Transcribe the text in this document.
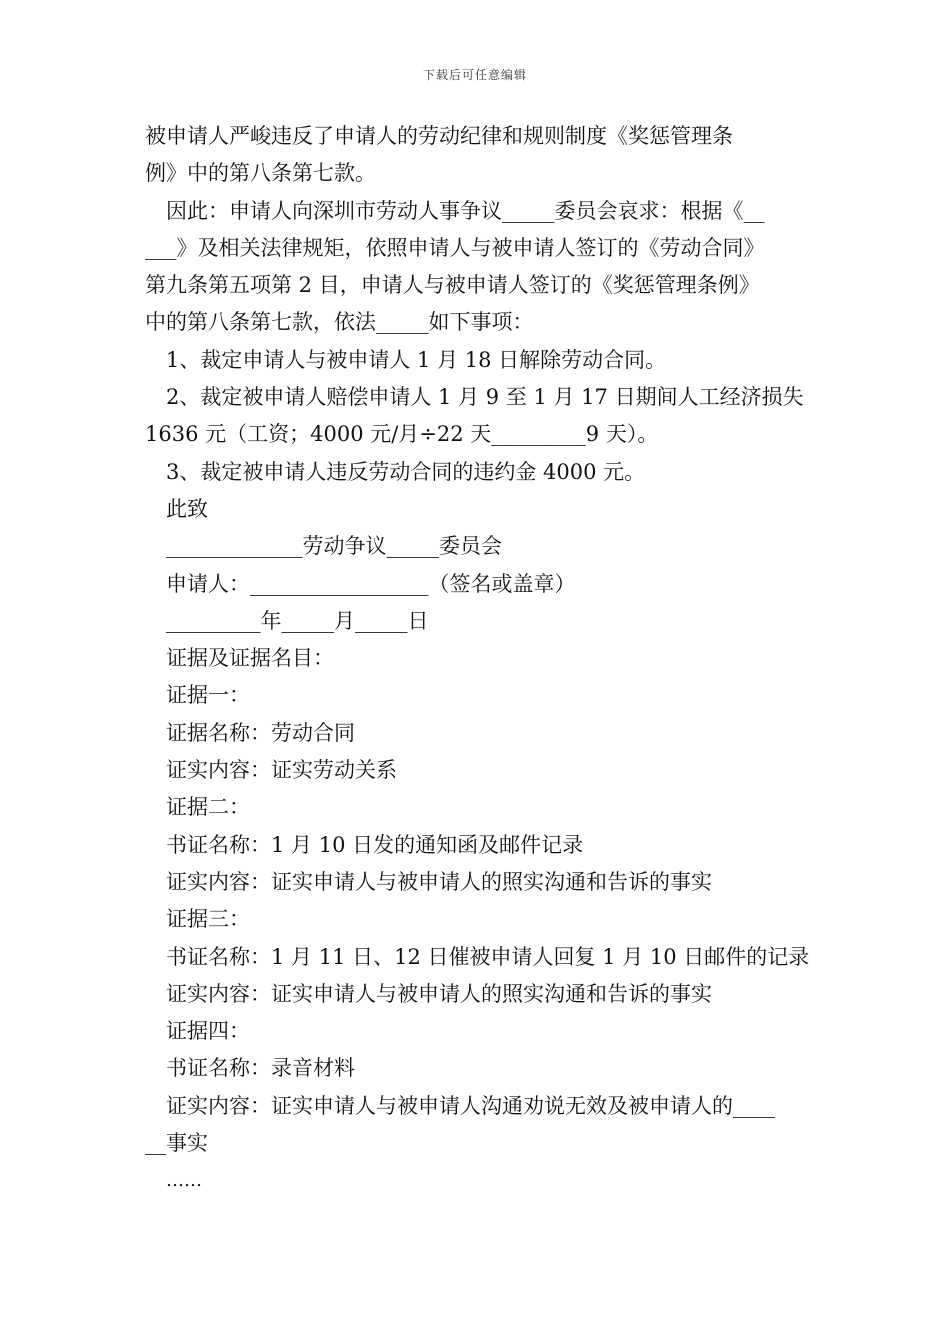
下载后可任意编辑
被申请人严峻违反了申请人的劳动纪律和规则制度《奖惩管理条
例》中的第八条第七款。
因此：申请人向深圳市劳动人事争议_____委员会哀求：根据《__
___》及相关法律规矩，依照申请人与被申请人签订的《劳动合同》
第九条第五项第 2 目，申请人与被申请人签订的《奖惩管理条例》
中的第八条第七款，依法_____如下事项：
1、裁定申请人与被申请人 1 月 18 日解除劳动合同。
2、裁定被申请人赔偿申请人 1 月 9 至 1 月 17 日期间人工经济损失
1636 元（工资；4000 元/月÷22 天_________9 天）。
3、裁定被申请人违反劳动合同的违约金 4000 元。
此致
_____________劳动争议_____委员会
申请人：_________________（签名或盖章）
_________年_____月_____日
证据及证据名目：
证据一：
证据名称：劳动合同
证实内容：证实劳动关系
证据二：
书证名称：1 月 10 日发的通知函及邮件记录
证实内容：证实申请人与被申请人的照实沟通和告诉的事实
证据三：
书证名称：1 月 11 日、12 日催被申请人回复 1 月 10 日邮件的记录
证实内容：证实申请人与被申请人的照实沟通和告诉的事实
证据四：
书证名称：录音材料
证实内容：证实申请人与被申请人沟通劝说无效及被申请人的____
__事实
……
